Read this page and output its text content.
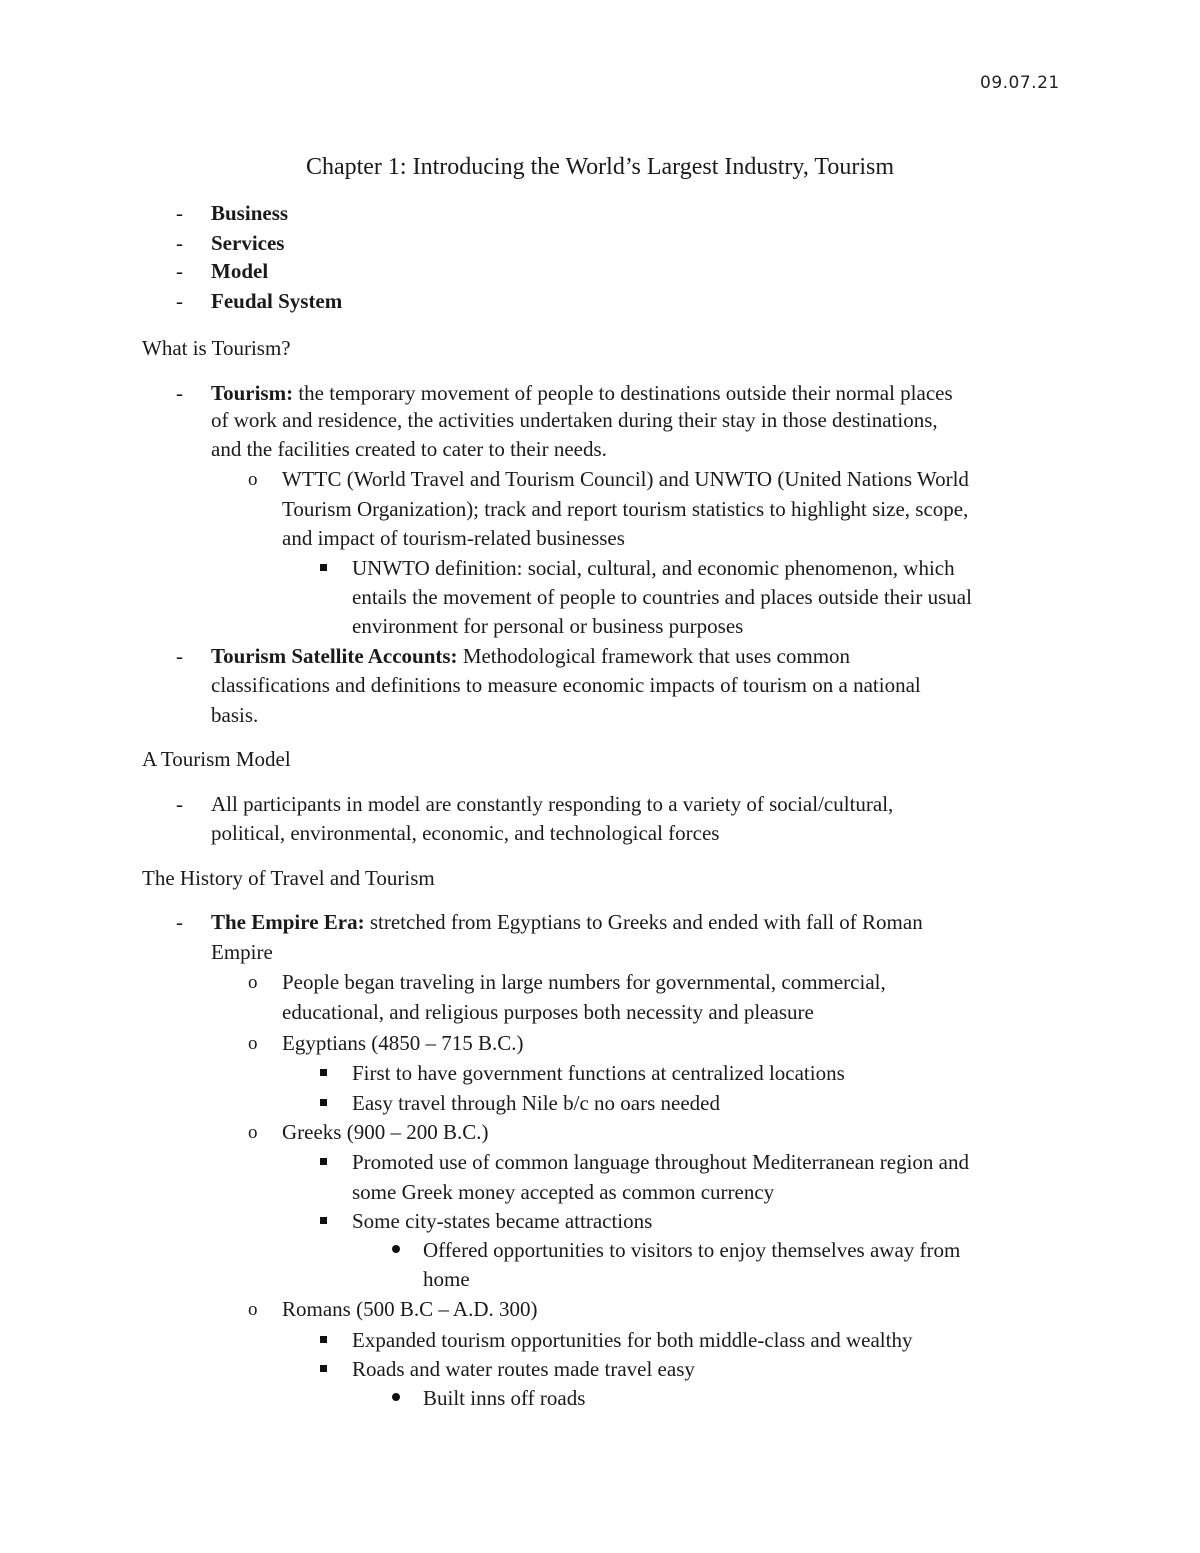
09.07.21
Chapter 1: Introducing the World’s Largest Industry, Tourism
- Business
- Services
- Model
- Feudal System
What is Tourism?
- Tourism: the temporary movement of people to destinations outside their normal places
of work and residence, the activities undertaken during their stay in those destinations,
and the facilities created to cater to their needs.
o WTTC (World Travel and Tourism Council) and UNWTO (United Nations World
Tourism Organization); track and report tourism statistics to highlight size, scope,
and impact of tourism-related businesses
UNWTO definition: social, cultural, and economic phenomenon, which
entails the movement of people to countries and places outside their usual
environment for personal or business purposes
- Tourism Satellite Accounts: Methodological framework that uses common
classifications and definitions to measure economic impacts of tourism on a national
basis.
A Tourism Model
- All participants in model are constantly responding to a variety of social/cultural,
political, environmental, economic, and technological forces
The History of Travel and Tourism
- The Empire Era: stretched from Egyptians to Greeks and ended with fall of Roman
Empire
o People began traveling in large numbers for governmental, commercial,
educational, and religious purposes both necessity and pleasure
o Egyptians (4850 – 715 B.C.)
First to have government functions at centralized locations
Easy travel through Nile b/c no oars needed
o Greeks (900 – 200 B.C.)
Promoted use of common language throughout Mediterranean region and
some Greek money accepted as common currency
Some city-states became attractions
Offered opportunities to visitors to enjoy themselves away from
home
o Romans (500 B.C – A.D. 300)
Expanded tourism opportunities for both middle-class and wealthy
Roads and water routes made travel easy
Built inns off roads
